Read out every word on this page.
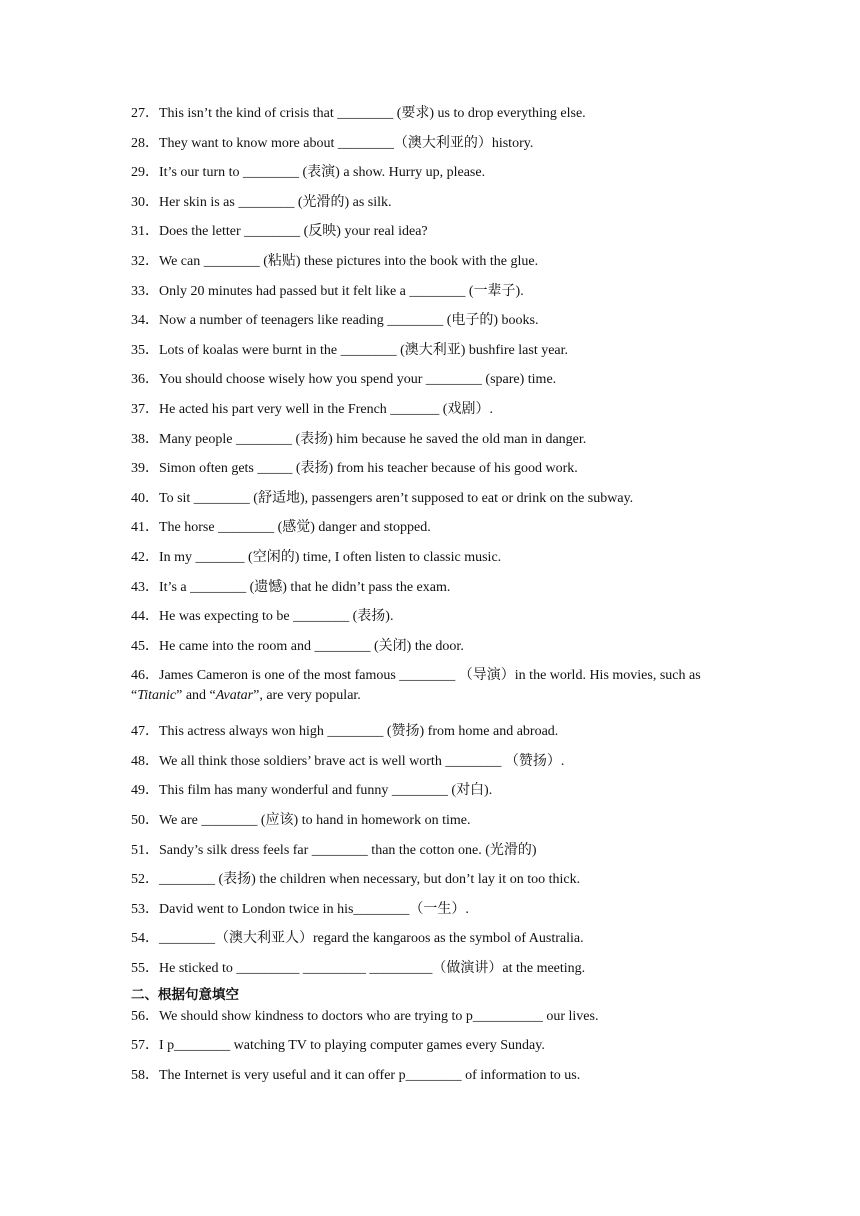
27．This isn’t the kind of crisis that ________ (要求) us to drop everything else.
28．They want to know more about ________（澳大利亚的）history.
29．It’s our turn to ________ (表演) a show. Hurry up, please.
30．Her skin is as ________ (光滑的) as silk.
31．Does the letter ________ (反映) your real idea?
32．We can ________ (粘贴) these pictures into the book with the glue.
33．Only 20 minutes had passed but it felt like a ________ (一辈子).
34．Now a number of teenagers like reading ________ (电子的) books.
35．Lots of koalas were burnt in the ________ (澳大利亚) bushfire last year.
36．You should choose wisely how you spend your ________ (spare) time.
37．He acted his part very well in the French _______ (戏剧）.
38．Many people ________ (表扬) him because he saved the old man in danger.
39．Simon often gets _____ (表扬) from his teacher because of his good work.
40．To sit ________ (舒适地), passengers aren’t supposed to eat or drink on the subway.
41．The horse ________ (感觉) danger and stopped.
42．In my _______ (空闲的) time, I often listen to classic music.
43．It’s a ________ (遗憾) that he didn’t pass the exam.
44．He was expecting to be ________ (表扬).
45．He came into the room and ________ (关闭) the door.
46．James Cameron is one of the most famous ________ （导演）in the world. His movies, such as “Titanic” and “Avatar”, are very popular.
47．This actress always won high ________ (赞扬) from home and abroad.
48．We all think those soldiers’ brave act is well worth ________ （赞扬）.
49．This film has many wonderful and funny ________ (对白).
50．We are ________ (应该) to hand in homework on time.
51．Sandy’s silk dress feels far ________ than the cotton one. (光滑的)
52．________ (表扬) the children when necessary, but don’t lay it on too thick.
53．David went to London twice in his________（一生）.
54．________（澳大利亚人）regard the kangaroos as the symbol of Australia.
55．He sticked to _________ _________ _________（做演讲）at the meeting.
二、根据句意填空
56．We should show kindness to doctors who are trying to p__________ our lives.
57．I p________ watching TV to playing computer games every Sunday.
58．The Internet is very useful and it can offer p________ of information to us.
